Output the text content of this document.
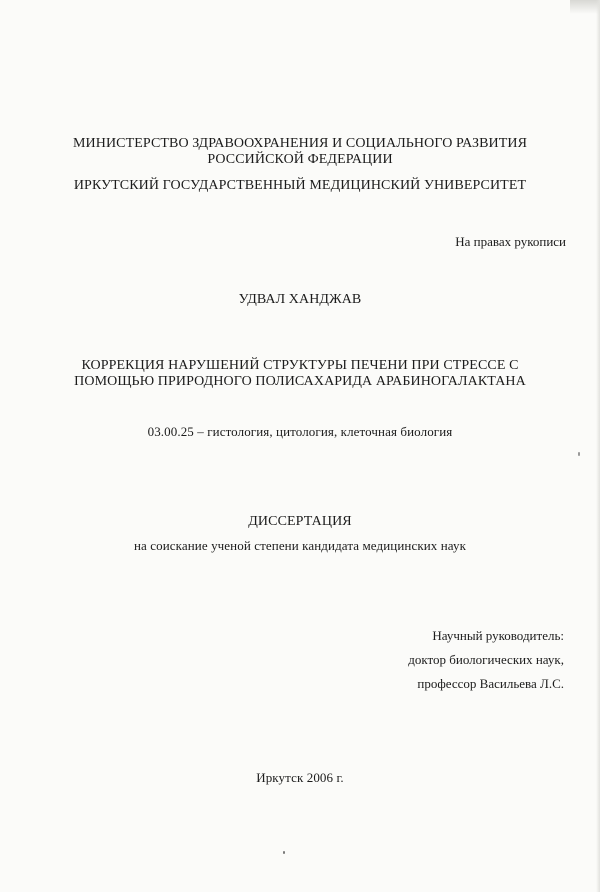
МИНИСТЕРСТВО ЗДРАВООХРАНЕНИЯ И СОЦИАЛЬНОГО РАЗВИТИЯ
РОССИЙСКОЙ ФЕДЕРАЦИИ
ИРКУТСКИЙ ГОСУДАРСТВЕННЫЙ МЕДИЦИНСКИЙ УНИВЕРСИТЕТ
На правах рукописи
УДВАЛ ХАНДЖАВ
КОРРЕКЦИЯ НАРУШЕНИЙ СТРУКТУРЫ ПЕЧЕНИ ПРИ СТРЕССЕ С
ПОМОЩЬЮ ПРИРОДНОГО ПОЛИСАХАРИДА АРАБИНОГАЛАКТАНА
03.00.25 – гистология, цитология, клеточная биология
ДИССЕРТАЦИЯ
на соискание ученой степени кандидата медицинских наук
Научный руководитель:
доктор биологических наук,
профессор Васильева Л.С.
Иркутск 2006 г.
